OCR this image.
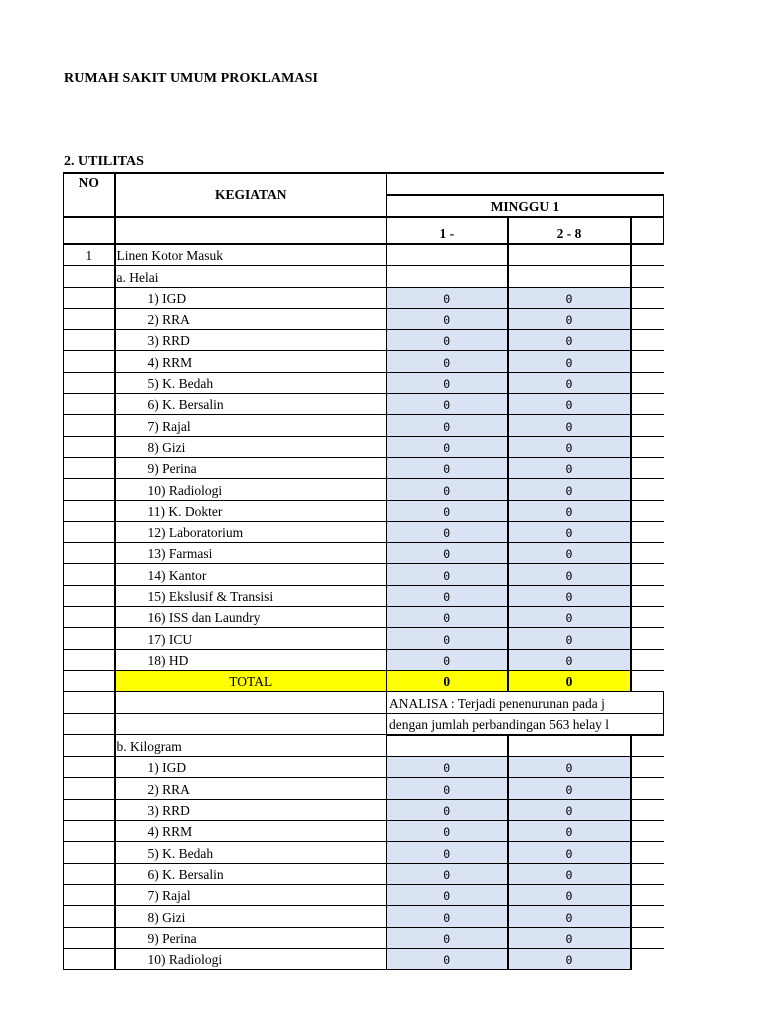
RUMAH SAKIT UMUM PROKLAMASI
2. UTILITAS
NO	KEGIATAN			
		MINGGU 1		
		1 -	2 - 8	
1	Linen Kotor Masuk			
	a. Helai			
	1) IGD	0	0	
	2) RRA	0	0	
	3) RRD	0	0	
	4) RRM	0	0	
	5) K. Bedah	0	0	
	6) K. Bersalin	0	0	
	7) Rajal	0	0	
	8) Gizi	0	0	
	9) Perina	0	0	
	10) Radiologi	0	0	
	11) K. Dokter	0	0	
	12) Laboratorium	0	0	
	13) Farmasi	0	0	
	14) Kantor	0	0	
	15) Ekslusif & Transisi	0	0	
	16) ISS dan Laundry	0	0	
	17) ICU	0	0	
	18) HD	0	0	
	TOTAL	0	0	
		ANALISA : Terjadi penenurunan pada j		
		dengan jumlah perbandingan 563 helay l		
	b. Kilogram			
	1) IGD	0	0	
	2) RRA	0	0	
	3) RRD	0	0	
	4) RRM	0	0	
	5) K. Bedah	0	0	
	6) K. Bersalin	0	0	
	7) Rajal	0	0	
	8) Gizi	0	0	
	9) Perina	0	0	
	10) Radiologi	0	0	
